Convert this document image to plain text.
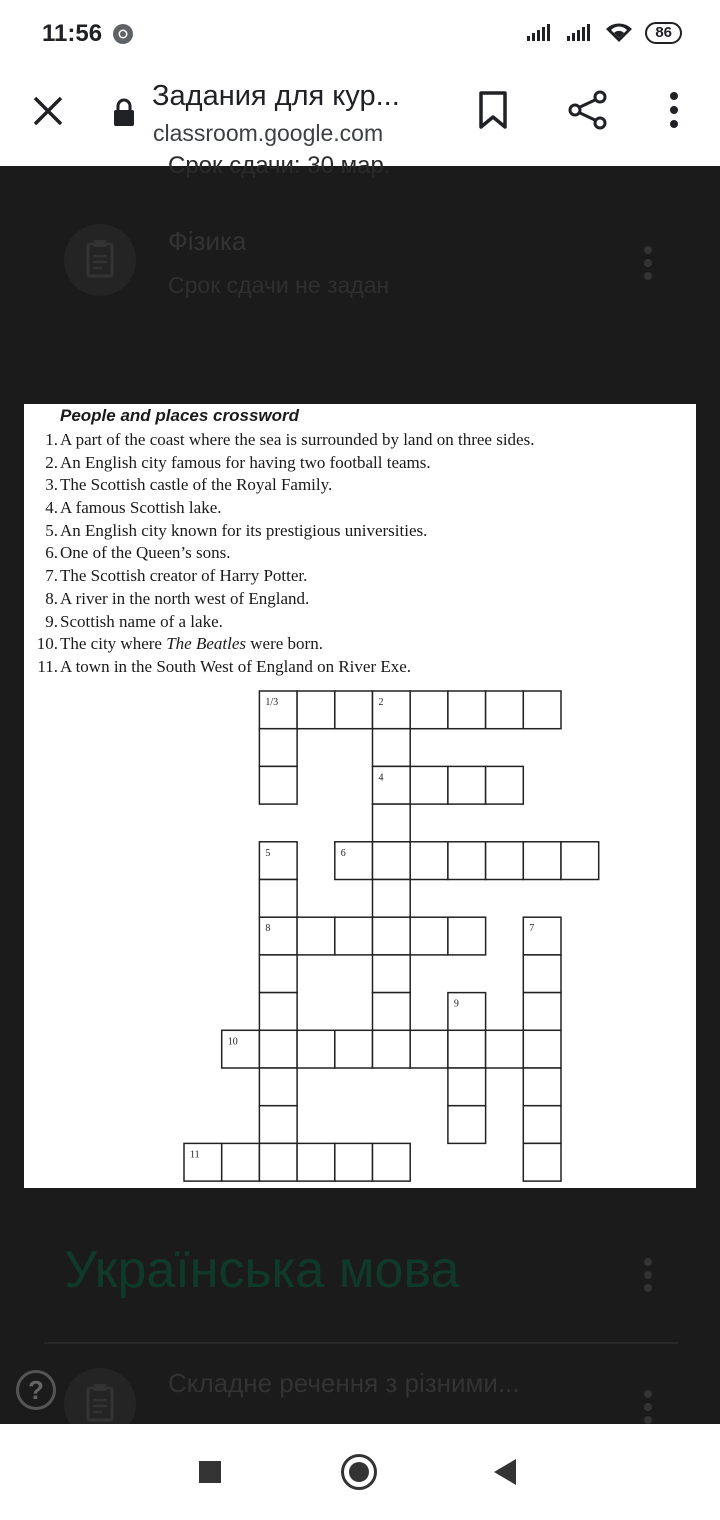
11:56	86
Задания для кур...
classroom.google.com
Срок сдачи: 30 мар.
Фізика
Срок сдачи не задан
Українська мова
Складне речення з різними...
?
People and places crossword
1. A part of the coast where the sea is surrounded by land on three sides.
2. An English city famous for having two football teams.
3. The Scottish castle of the Royal Family.
4. A famous Scottish lake.
5. An English city known for its prestigious universities.
6. One of the Queen’s sons.
7. The Scottish creator of Harry Potter.
8. A river in the north west of England.
9. Scottish name of a lake.
10. The city where The Beatles were born.
11. A town in the South West of England on River Exe.
1/3	2
4
5	6
8	7
9
10
11
